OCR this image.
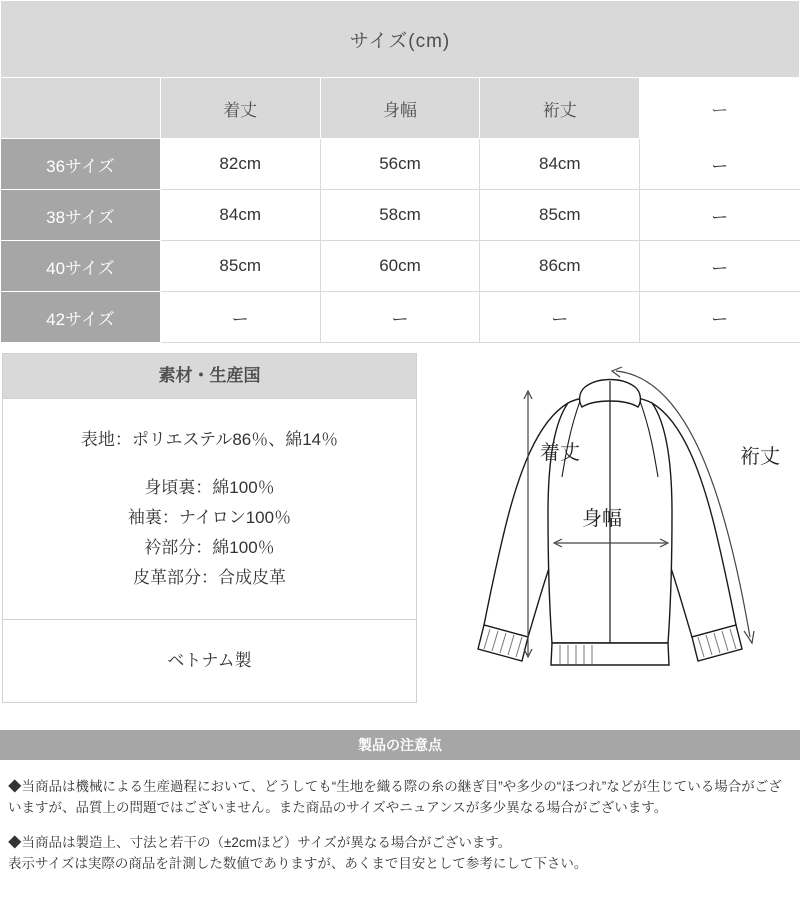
サイズ(cm)				
	着丈	身幅	裄丈	ー
36サイズ	82cm	56cm	84cm	ー
38サイズ	84cm	58cm	85cm	ー
40サイズ	85cm	60cm	86cm	ー
42サイズ	ー	ー	ー	ー
素材・生産国
表地：ポリエステル86％、綿14％
身頃裏：綿100％
袖裏：ナイロン100％
衿部分：綿100％
皮革部分：合成皮革
ベトナム製
着丈
身幅
裄丈
製品の注意点

◆当商品は機械による生産過程において、どうしても“生地を織る際の糸の継ぎ目”や多少の“ほつれ”などが生じている場合がございますが、品質上の問題ではございません。また商品のサイズやニュアンスが多少異なる場合がございます。

◆当商品は製造上、寸法と若干の（±2cmほど）サイズが異なる場合がございます。
表示サイズは実際の商品を計測した数値でありますが、あくまで目安として参考にして下さい。
